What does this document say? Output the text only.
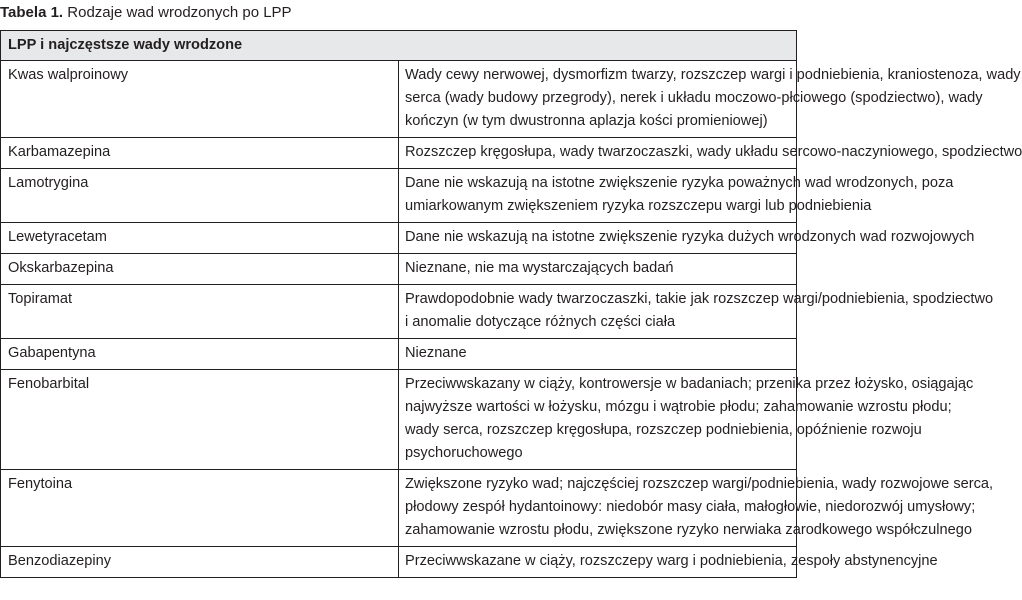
Tabela 1. Rodzaje wad wrodzonych po LPP
LPP i najczęstsze wady wrodzone	
Kwas walproinowy	Wady cewy nerwowej, dysmorfizm twarzy, rozszczep wargi i podniebienia, kraniostenoza, wady
serca (wady budowy przegrody), nerek i układu moczowo-płciowego (spodziectwo), wady
kończyn (w tym dwustronna aplazja kości promieniowej)

Karbamazepina	Rozszczep kręgosłupa, wady twarzoczaszki, wady układu sercowo-naczyniowego, spodziectwo

Lamotrygina	Dane nie wskazują na istotne zwiększenie ryzyka poważnych wad wrodzonych, poza
umiarkowanym zwiększeniem ryzyka rozszczepu wargi lub podniebienia

Lewetyracetam	Dane nie wskazują na istotne zwiększenie ryzyka dużych wrodzonych wad rozwojowych

Okskarbazepina	Nieznane, nie ma wystarczających badań

Topiramat	Prawdopodobnie wady twarzoczaszki, takie jak rozszczep wargi/podniebienia, spodziectwo
i anomalie dotyczące różnych części ciała

Gabapentyna	Nieznane

Fenobarbital	Przeciwwskazany w ciąży, kontrowersje w badaniach; przenika przez łożysko, osiągając
najwyższe wartości w łożysku, mózgu i wątrobie płodu; zahamowanie wzrostu płodu;
wady serca, rozszczep kręgosłupa, rozszczep podniebienia, opóźnienie rozwoju
psychoruchowego

Fenytoina	Zwiększone ryzyko wad; najczęściej rozszczep wargi/podniebienia, wady rozwojowe serca,
płodowy zespół hydantoinowy: niedobór masy ciała, małogłowie, niedorozwój umysłowy;
zahamowanie wzrostu płodu, zwiększone ryzyko nerwiaka zarodkowego współczulnego

Benzodiazepiny	Przeciwwskazane w ciąży, rozszczepy warg i podniebienia, zespoły abstynencyjne
